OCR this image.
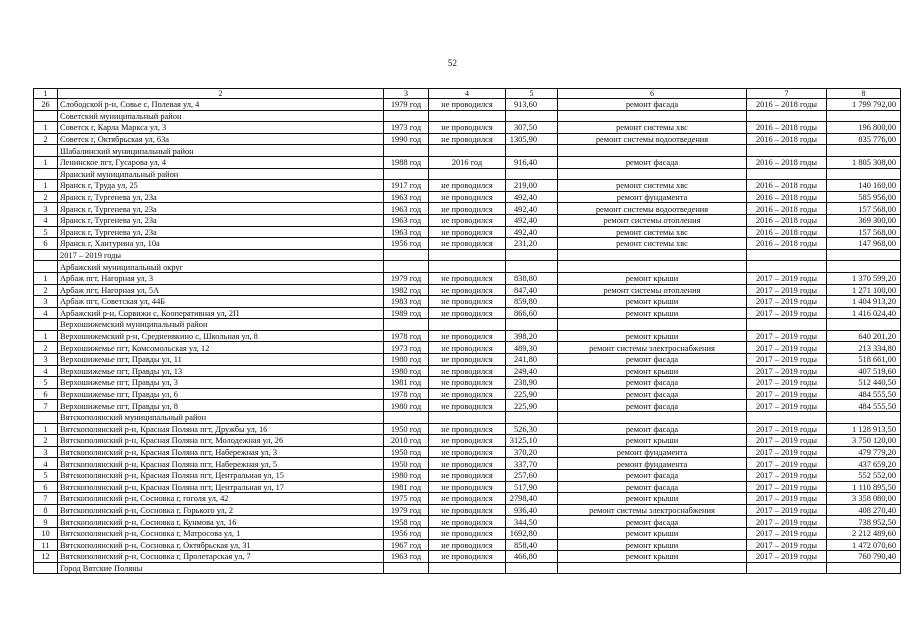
52
1	2	3	4	5	6	7	8
26	Слободской р-н, Совье с, Полевая ул, 4	1979 год	не проводился	913,60	ремонт фасада	2016 – 2018 годы	1 799 792,00
	Советский муниципальный район						
1	Советск г, Карла Маркса ул, 3	1973 год	не проводился	307,50	ремонт системы хвс	2016 – 2018 годы	196 800,00
2	Советск г, Октябрьская ул, 63а	1990 год	не проводился	1305,90	ремонт системы водоотведения	2016 – 2018 годы	835 776,00
	Шабалинский муниципальный район						
1	Ленинское пгт, Гусарова ул, 4	1988 год	2016 год	916,40	ремонт фасада	2016 – 2018 годы	1 805 308,00
	Яранский муниципальный район						
1	Яранск г, Труда ул, 25	1917 год	не проводился	219,00	ремонт системы хвс	2016 – 2018 годы	140 160,00
2	Яранск г, Тургенева ул, 23а	1963 год	не проводился	492,40	ремонт фундамента	2016 – 2018 годы	585 956,00
3	Яранск г, Тургенева ул, 23а	1963 год	не проводился	492,40	ремонт системы водоотведения	2016 – 2018 годы	157 568,00
4	Яранск г, Тургенева ул, 23а	1963 год	не проводился	492,40	ремонт системы отопления	2016 – 2018 годы	369 300,00
5	Яранск г, Тургенева ул, 23а	1963 год	не проводился	492,40	ремонт системы хвс	2016 – 2018 годы	157 568,00
6	Яранск г, Хантурина ул, 10а	1956 год	не проводился	231,20	ремонт системы хвс	2016 – 2018 годы	147 968,00
	2017 – 2019 годы						
	Арбажский муниципальный округ						
1	Арбаж пгт, Нагорная ул, 3	1979 год	не проводился	838,80	ремонт крыши	2017 – 2019 годы	1 370 599,20
2	Арбаж пгт, Нагорная ул, 5А	1982 год	не проводился	847,40	ремонт системы отопления	2017 – 2019 годы	1 271 100,00
3	Арбаж пгт, Советская ул, 44Б	1983 год	не проводился	859,80	ремонт крыши	2017 – 2019 годы	1 404 913,20
4	Арбажский р-н, Сорвижи с, Кооперативная ул, 2П	1989 год	не проводился	866,60	ремонт крыши	2017 – 2019 годы	1 416 024,40
	Верхошижемский муниципальный район						
1	Верхошижемский р-н, Среднеивкино с, Школьная ул, 8	1978 год	не проводился	398,20	ремонт крыши	2017 – 2019 годы	640 201,20
2	Верхошижемье пгт, Комсомольская ул, 12	1973 год	не проводился	489,30	ремонт системы электроснабжения	2017 – 2019 годы	213 334,80
3	Верхошижемье пгт, Правды ул, 11	1980 год	не проводился	241,80	ремонт фасада	2017 – 2019 годы	518 661,00
4	Верхошижемье пгт, Правды ул, 13	1980 год	не проводился	249,40	ремонт крыши	2017 – 2019 годы	407 519,60
5	Верхошижемье пгт, Правды ул, 3	1981 год	не проводился	238,90	ремонт фасада	2017 – 2019 годы	512 440,50
6	Верхошижемье пгт, Правды ул, 6	1978 год	не проводился	225,90	ремонт фасада	2017 – 2019 годы	484 555,50
7	Верхошижемье пгт, Правды ул, 8	1980 год	не проводился	225,90	ремонт фасада	2017 – 2019 годы	484 555,50
	Вятскополянский муниципальный район						
1	Вятскополянский р-н, Красная Поляна пгт, Дружбы ул, 16	1950 год	не проводился	526,30	ремонт фасада	2017 – 2019 годы	1 128 913,50
2	Вятскополянский р-н, Красная Поляна пгт, Молодежная ул, 26	2010 год	не проводился	3125,10	ремонт крыши	2017 – 2019 годы	3 750 120,00
3	Вятскополянский р-н, Красная Поляна пгт, Набережная ул, 3	1950 год	не проводился	370,20	ремонт фундамента	2017 – 2019 годы	479 779,20
4	Вятскополянский р-н, Красная Поляна пгт, Набережная ул, 5	1950 год	не проводился	337,70	ремонт фундамента	2017 – 2019 годы	437 659,20
5	Вятскополянский р-н, Красная Поляна пгт, Центральная ул, 15	1980 год	не проводился	257,60	ремонт фасада	2017 – 2019 годы	552 552,00
6	Вятскополянский р-н, Красная Поляна пгт, Центральная ул, 17	1981 год	не проводился	517,90	ремонт фасада	2017 – 2019 годы	1 110 895,50
7	Вятскополянский р-н, Сосновка г, гоголя ул, 42	1975 год	не проводился	2798,40	ремонт крыши	2017 – 2019 годы	3 358 080,00
8	Вятскополянский р-н, Сосновка г, Горького ул, 2	1979 год	не проводился	936,40	ремонт системы электроснабжения	2017 – 2019 годы	408 270,40
9	Вятскополянский р-н, Сосновка г, Кунмова ул, 16	1958 год	не проводился	344,50	ремонт фасада	2017 – 2019 годы	738 952,50
10	Вятскополянский р-н, Сосновка г, Матросова ул, 1	1956 год	не проводился	1692,80	ремонт крыши	2017 – 2019 годы	2 212 489,60
11	Вятскополянский р-н, Сосновка г, Октябрьская ул, 31	1967 год	не проводился	858,40	ремонт крыши	2017 – 2019 годы	1 472 070,60
12	Вятскополянский р-н, Сосновка г, Пролетарская ул, 7	1963 год	не проводился	466,80	ремонт крыши	2017 – 2019 годы	760 790,40
	Город Вятские Поляны						
